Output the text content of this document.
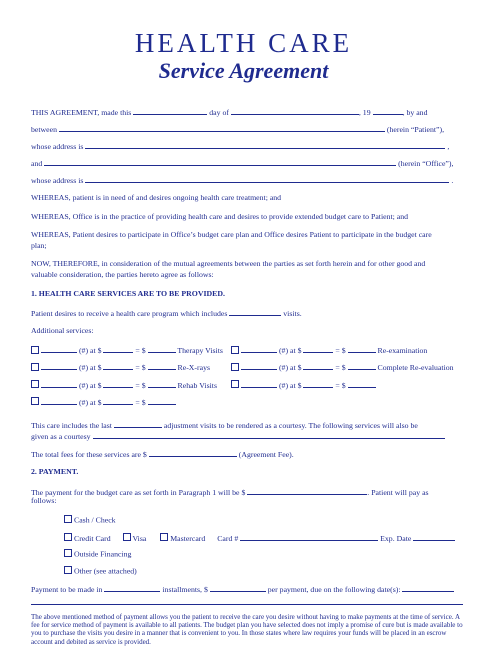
HEALTH CARE
Service Agreement
THIS AGREEMENT, made this	day of	, 19	, by and
between	(herein “Patient”),
whose address is	,
and	(herein “Office”),
whose address is	.
WHEREAS, patient is in need of and desires ongoing health care treatment; and
WHEREAS, Office is in the practice of providing health care and desires to provide extended budget care to Patient; and
WHEREAS, Patient desires to participate in Office’s budget care plan and Office desires Patient to participate in the budget care
plan;
NOW, THEREFORE, in consideration of the mutual agreements between the parties as set forth herein and for other good and
valuable consideration, the parties hereto agree as follows:
1. HEALTH CARE SERVICES ARE TO BE PROVIDED.
Patient desires to receive a health care program which includes	visits.
Additional services:
(#) at $	= $	Therapy Visits	(#) at $	= $	Re-examination
(#) at $	= $	Re-X-rays	(#) at $	= $	Complete Re-evaluation
(#) at $	= $	Rehab Visits	(#) at $	= $
(#) at $	= $
This care includes the last	adjustment visits to be rendered as a courtesy. The following services will also be
given as a courtesy
The total fees for these services are $	(Agreement Fee).
2. PAYMENT.
The payment for the budget care as set forth in Paragraph 1 will be $	. Patient will pay as
follows:
Cash / Check
Credit Card	Visa	Mastercard Card #	Exp. Date
Outside Financing
Other (see attached)
Payment to be made in	installments, $	per payment, due on the following date(s):
The above mentioned method of payment allows you the patient to receive the care you desire without having to make payments at the time of service. A fee for service method of payment is available to all patients. The budget plan you have selected does not imply a promise of cure but is made available to you to purchase the visits you desire in a manner that is convenient to you. In those states where law requires your funds will be placed in an escrow account and debited as service is provided.
